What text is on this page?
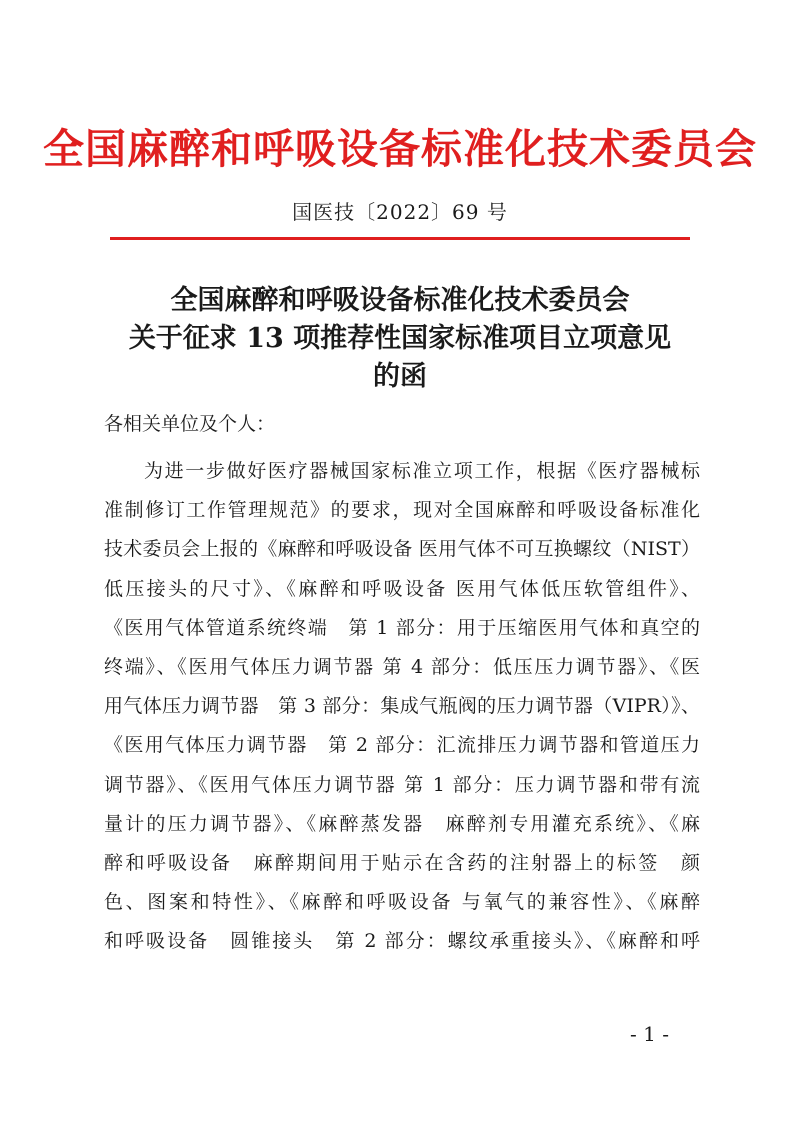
全国麻醉和呼吸设备标准化技术委员会
国医技〔2022〕69 号
全国麻醉和呼吸设备标准化技术委员会
关于征求 13 项推荐性国家标准项目立项意见
的函
各相关单位及个人：
为进一步做好医疗器械国家标准立项工作，根据《医疗器械标
准制修订工作管理规范》的要求，现对全国麻醉和呼吸设备标准化
技术委员会上报的《麻醉和呼吸设备 医用气体不可互换螺纹（NIST）
低压接头的尺寸》、《麻醉和呼吸设备 医用气体低压软管组件》、
《医用气体管道系统终端　第 1 部分：用于压缩医用气体和真空的
终端》、《医用气体压力调节器 第 4 部分：低压压力调节器》、《医
用气体压力调节器　第 3 部分：集成气瓶阀的压力调节器（VIPR）》、
《医用气体压力调节器　第 2 部分：汇流排压力调节器和管道压力
调节器》、《医用气体压力调节器 第 1 部分：压力调节器和带有流
量计的压力调节器》、《麻醉蒸发器　麻醉剂专用灌充系统》、《麻
醉和呼吸设备　麻醉期间用于贴示在含药的注射器上的标签　颜
色、图案和特性》、《麻醉和呼吸设备 与氧气的兼容性》、《麻醉
和呼吸设备　圆锥接头　第 2 部分：螺纹承重接头》、《麻醉和呼
- 1 -
